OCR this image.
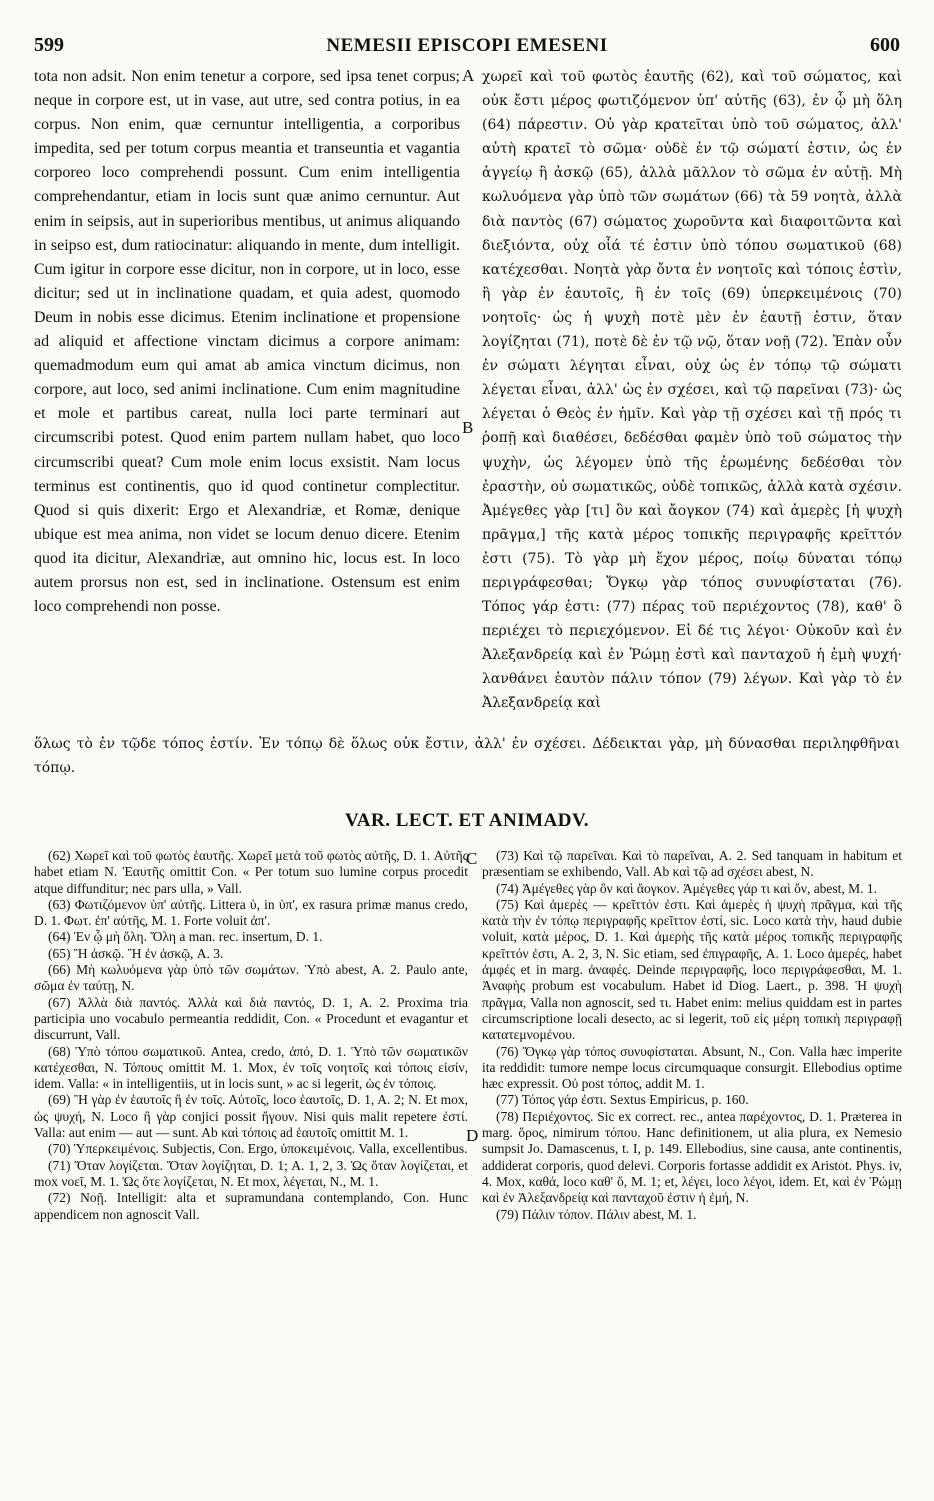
599	NEMESII EPISCOPI EMESENI	600
tota non adsit. Non enim tenetur a corpore, sed ipsa tenet corpus; neque in corpore est, ut in vase, aut utre, sed contra potius, in ea corpus. Non enim, quæ cernuntur intelligentia, a corporibus impedita, sed per totum corpus meantia et transeuntia et vagantia corporeo loco comprehendi possunt. Cum enim intelligentia comprehendantur, etiam in locis sunt quæ animo cernuntur. Aut enim in seipsis, aut in superioribus mentibus, ut animus aliquando in seipso est, dum ratiocinatur: aliquando in mente, dum intelligit. Cum igitur in corpore esse dicitur, non in corpore, ut in loco, esse dicitur; sed ut in inclinatione quadam, et quia adest, quomodo Deum in nobis esse dicimus. Etenim inclinatione et propensione ad aliquid et affectione vinctam dicimus a corpore animam: quemadmodum eum qui amat ab amica vinctum dicimus, non corpore, aut loco, sed animi inclinatione. Cum enim magnitudine et mole et partibus careat, nulla loci parte terminari aut circumscribi potest. Quod enim partem nullam habet, quo loco circumscribi queat? Cum mole enim locus exsistit. Nam locus terminus est continentis, quo id quod continetur complectitur. Quod si quis dixerit: Ergo et Alexandriæ, et Romæ, denique ubique est mea anima, non videt se locum denuo dicere. Etenim quod ita dicitur, Alexandriæ, aut omnino hic, locus est. In loco autem prorsus non est, sed in inclinatione. Ostensum est enim loco comprehendi non posse.
A
B
χωρεῖ καὶ τοῦ φωτὸς ἑαυτῆς (62), καὶ τοῦ σώματος, καὶ οὐκ ἔστι μέρος φωτιζόμενον ὑπ' αὐτῆς (63), ἐν ᾧ μὴ ὅλη (64) πάρεστιν. Οὐ γὰρ κρατεῖται ὑπὸ τοῦ σώματος, ἀλλ' αὐτὴ κρατεῖ τὸ σῶμα· οὐδὲ ἐν τῷ σώματί ἐστιν, ὡς ἐν ἀγγείῳ ἢ ἀσκῷ (65), ἀλλὰ μᾶλλον τὸ σῶμα ἐν αὐτῇ. Μὴ κωλυόμενα γὰρ ὑπὸ τῶν σωμάτων (66) τὰ 59 νοητὰ, ἀλλὰ διὰ παντὸς (67) σώματος χωροῦντα καὶ διαφοιτῶντα καὶ διεξιόντα, οὐχ οἷά τέ ἐστιν ὑπὸ τόπου σωματικοῦ (68) κατέχεσθαι. Νοητὰ γὰρ ὄντα ἐν νοητοῖς καὶ τόποις ἐστὶν, ἢ γὰρ ἐν ἑαυτοῖς, ἢ ἐν τοῖς (69) ὑπερκειμένοις (70) νοητοῖς· ὡς ἡ ψυχὴ ποτὲ μὲν ἐν ἑαυτῇ ἐστιν, ὅταν λογίζηται (71), ποτὲ δὲ ἐν τῷ νῷ, ὅταν νοῇ (72). Ἐπὰν οὖν ἐν σώματι λέγηται εἶναι, οὐχ ὡς ἐν τόπῳ τῷ σώματι λέγεται εἶναι, ἀλλ' ὡς ἐν σχέσει, καὶ τῷ παρεῖναι (73)· ὡς λέγεται ὁ Θεὸς ἐν ἡμῖν. Καὶ γὰρ τῇ σχέσει καὶ τῇ πρός τι ῥοπῇ καὶ διαθέσει, δεδέσθαι φαμὲν ὑπὸ τοῦ σώματος τὴν ψυχὴν, ὡς λέγομεν ὑπὸ τῆς ἐρωμένης δεδέσθαι τὸν ἐραστὴν, οὐ σωματικῶς, οὐδὲ τοπικῶς, ἀλλὰ κατὰ σχέσιν. Ἀμέγεθες γὰρ [τι] ὂν καὶ ἄογκον (74) καὶ ἀμερὲς [ἡ ψυχὴ πρᾶγμα,] τῆς κατὰ μέρος τοπικῆς περιγραφῆς κρεῖττόν ἐστι (75). Τὸ γὰρ μὴ ἔχον μέρος, ποίῳ δύναται τόπῳ περιγράφεσθαι; Ὄγκῳ γὰρ τόπος συνυφίσταται (76). Τόπος γάρ ἐστι: (77) πέρας τοῦ περιέχοντος (78), καθ' ὃ περιέχει τὸ περιεχόμενον. Εἰ δέ τις λέγοι· Οὐκοῦν καὶ ἐν Ἀλεξανδρείᾳ καὶ ἐν Ῥώμῃ ἐστὶ καὶ πανταχοῦ ἡ ἐμὴ ψυχή· λανθάνει ἑαυτὸν πάλιν τόπον (79) λέγων. Καὶ γὰρ τὸ ἐν Ἀλεξανδρείᾳ καὶ
ὅλως τὸ ἐν τῷδε τόπος ἐστίν. Ἐν τόπῳ δὲ ὅλως οὐκ ἔστιν, ἀλλ' ἐν σχέσει. Δέδεικται γὰρ, μὴ δύνασθαι περιληφθῆναι τόπῳ.
VAR. LECT. ET ANIMADV.

(62) Χωρεῖ καὶ τοῦ φωτὸς ἑαυτῆς. Χωρεῖ μετὰ τοῦ φωτὸς αὐτῆς, D. 1. Αὐτῆς habet etiam N. Ἑαυτῆς omittit Con. « Per totum suo lumine corpus procedit atque diffunditur; nec pars ulla, » Vall.

(63) Φωτιζόμενον ὑπ' αὐτῆς. Littera ὑ, in ὑπ', ex rasura primæ manus credo, D. 1. Φωτ. ἐπ' αὐτῆς, M. 1. Forte voluit ἀπ'.

(64) Ἐν ᾧ μὴ ὅλη. Ὅλη a man. rec. insertum, D. 1.

(65) Ἢ ἀσκῷ. Ἢ ἐν ἀσκῷ, A. 3.

(66) Μὴ κωλυόμενα γὰρ ὑπὸ τῶν σωμάτων. Ὑπὸ abest, A. 2. Paulo ante, σῶμα ἐν ταύτῃ, N.

(67) Ἀλλὰ διὰ παντός. Ἀλλὰ καὶ διὰ παντός, D. 1, A. 2. Proxima tria participia uno vocabulo permeantia reddidit, Con. « Procedunt et evagantur et discurrunt, Vall.

(68) Ὑπὸ τόπου σωματικοῦ. Antea, credo, ἀπό, D. 1. Ὑπὸ τῶν σωματικῶν κατέχεσθαι, N. Τόπους omittit M. 1. Mox, ἐν τοῖς νοητοῖς καὶ τόποις εἰσίν, idem. Valla: « in intelligentiis, ut in locis sunt, » ac si legerit, ὡς ἐν τόποις.

(69) Ἢ γὰρ ἐν ἑαυτοῖς ἢ ἐν τοῖς. Αὐτοῖς, loco ἑαυτοῖς, D. 1, A. 2; N. Et mox, ὡς ψυχή, N. Loco ἢ γὰρ conjici possit ἤγουν. Nisi quis malit repetere ἐστί. Valla: aut enim — aut — sunt. Ab καὶ τόποις ad ἑαυτοῖς omittit M. 1.

(70) Ὑπερκειμένοις. Subjectis, Con. Ergo, ὑποκειμένοις. Valla, excellentibus.

(71) Ὅταν λογίζεται. Ὅταν λογίζηται, D. 1; A. 1, 2, 3. Ὡς ὅταν λογίζεται, et mox νοεῖ, M. 1. Ὡς ὅτε λογίζεται, N. Et mox, λέγεται, N., M. 1.

(72) Νοῇ. Intelligit: alta et supramundana contemplando, Con. Hunc appendicem non agnoscit Vall.

C
D

(73) Καὶ τῷ παρεῖναι. Καὶ τὸ παρεῖναι, A. 2. Sed tanquam in habitum et præsentiam se exhibendo, Vall. Ab καὶ τῷ ad σχέσει abest, N.

(74) Ἀμέγεθες γὰρ ὂν καὶ ἄογκον. Ἀμέγεθες γάρ τι καὶ ὄν, abest, M. 1.

(75) Καὶ ἀμερὲς — κρεῖττόν ἐστι. Καὶ ἀμερὲς ἡ ψυχὴ πρᾶγμα, καὶ τῆς κατὰ τὴν ἐν τόπῳ περιγραφῆς κρεῖττον ἐστί, sic. Loco κατὰ τὴν, haud dubie voluit, κατὰ μέρος, D. 1. Καὶ ἀμερὴς τῆς κατὰ μέρος τοπικῆς περιγραφῆς κρεῖττόν ἐστι, A. 2, 3, N. Sic etiam, sed ἐπιγραφῆς, A. 1. Loco ἀμερές, habet ἀμφές et in marg. ἀναφές. Deinde περιγραφῆς, loco περιγράφεσθαι, M. 1. Ἀναφὴς probum est vocabulum. Habet id Diog. Laert., p. 398. Ἡ ψυχὴ πρᾶγμα, Valla non agnoscit, sed τι. Habet enim: melius quiddam est in partes circumscriptione locali desecto, ac si legerit, τοῦ εἰς μέρη τοπικὴ περιγραφῇ κατατεμνομένου.

(76) Ὄγκῳ γὰρ τόπος συνυφίσταται. Absunt, N., Con. Valla hæc imperite ita reddidit: tumore nempe locus circumquaque consurgit. Ellebodius optime hæc expressit. Οὐ post τόπος, addit M. 1.

(77) Τόπος γάρ ἐστι. Sextus Empiricus, p. 160.

(78) Περιέχοντος. Sic ex correct. rec., antea παρέχοντος, D. 1. Præterea in marg. ὅρος, nimirum τόπου. Hanc definitionem, ut alia plura, ex Nemesio sumpsit Jo. Damascenus, t. I, p. 149. Ellebodius, sine causa, ante continentis, addiderat corporis, quod delevi. Corporis fortasse addidit ex Aristot. Phys. iv, 4. Mox, καθά, loco καθ' ὅ, M. 1; et, λέγει, loco λέγοι, idem. Et, καὶ ἐν Ῥώμῃ καὶ ἐν Ἀλεξανδρείᾳ καὶ πανταχοῦ ἐστιν ἡ ἐμή, N.

(79) Πάλιν τόπον. Πάλιν abest, M. 1.
